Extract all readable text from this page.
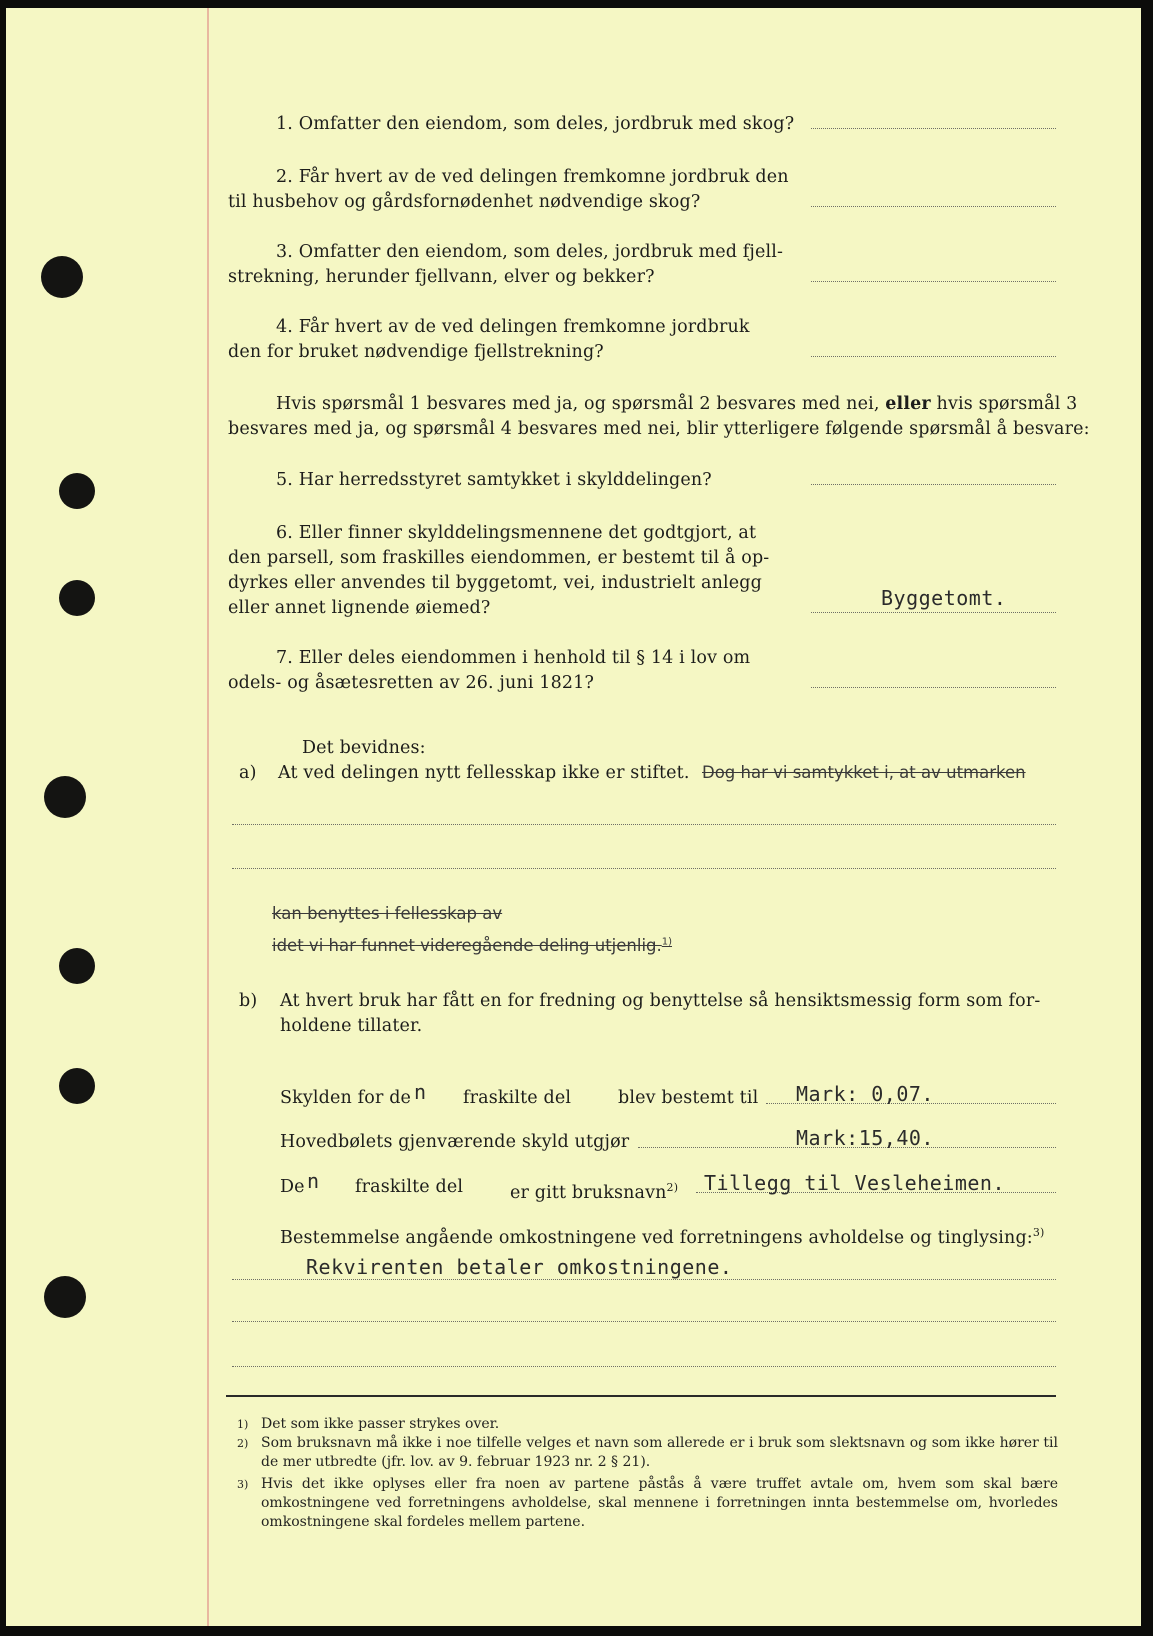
1. Omfatter den eiendom, som deles, jordbruk med skog?
2. Får hvert av de ved delingen fremkomne jordbruk den
til husbehov og gårdsfornødenhet nødvendige skog?
3. Omfatter den eiendom, som deles, jordbruk med fjell-
strekning, herunder fjellvann, elver og bekker?
4. Får hvert av de ved delingen fremkomne jordbruk
den for bruket nødvendige fjellstrekning?
Hvis spørsmål 1 besvares med ja, og spørsmål 2 besvares med nei, eller hvis spørsmål 3
besvares med ja, og spørsmål 4 besvares med nei, blir ytterligere følgende spørsmål å besvare:
5. Har herredsstyret samtykket i skylddelingen?
6. Eller finner skylddelingsmennene det godtgjort, at
den parsell, som fraskilles eiendommen, er bestemt til å op-
dyrkes eller anvendes til byggetomt, vei, industrielt anlegg
eller annet lignende øiemed?	Byggetomt.
7. Eller deles eiendommen i henhold til § 14 i lov om
odels- og åsætesretten av 26. juni 1821?
Det bevidnes:
a) At ved delingen nytt fellesskap ikke er stiftet. Dog har vi samtykket i, at av utmarken
kan benyttes i fellesskap av
idet vi har funnet videregående deling utjenlig.$^{1)}$
b) At hvert bruk har fått en for fredning og benyttelse så hensiktsmessig form som for-
holdene tillater.
Skylden for de n fraskilte del	blev bestemt til Mark: 0,07.
Hovedbølets gjenværende skyld utgjør	Mark:15,40.
De n fraskilte del	er gitt bruksnavn$^{2)}$ Tillegg til Vesleheimen.
Bestemmelse angående omkostningene ved forretningens avholdelse og tinglysing:$^{3)}$
Rekvirenten betaler omkostningene.
1) Det som ikke passer strykes over.
2) Som bruksnavn må ikke i noe tilfelle velges et navn som allerede er i bruk som slektsnavn og som ikke hører til de mer utbredte (jfr. lov. av 9. februar 1923 nr. 2 § 21).
3) Hvis det ikke oplyses eller fra noen av partene påstås å være truffet avtale om, hvem som skal bære omkostningene ved forretningens avholdelse, skal mennene i forretningen innta bestemmelse om, hvorledes omkostningene skal fordeles mellem partene.
